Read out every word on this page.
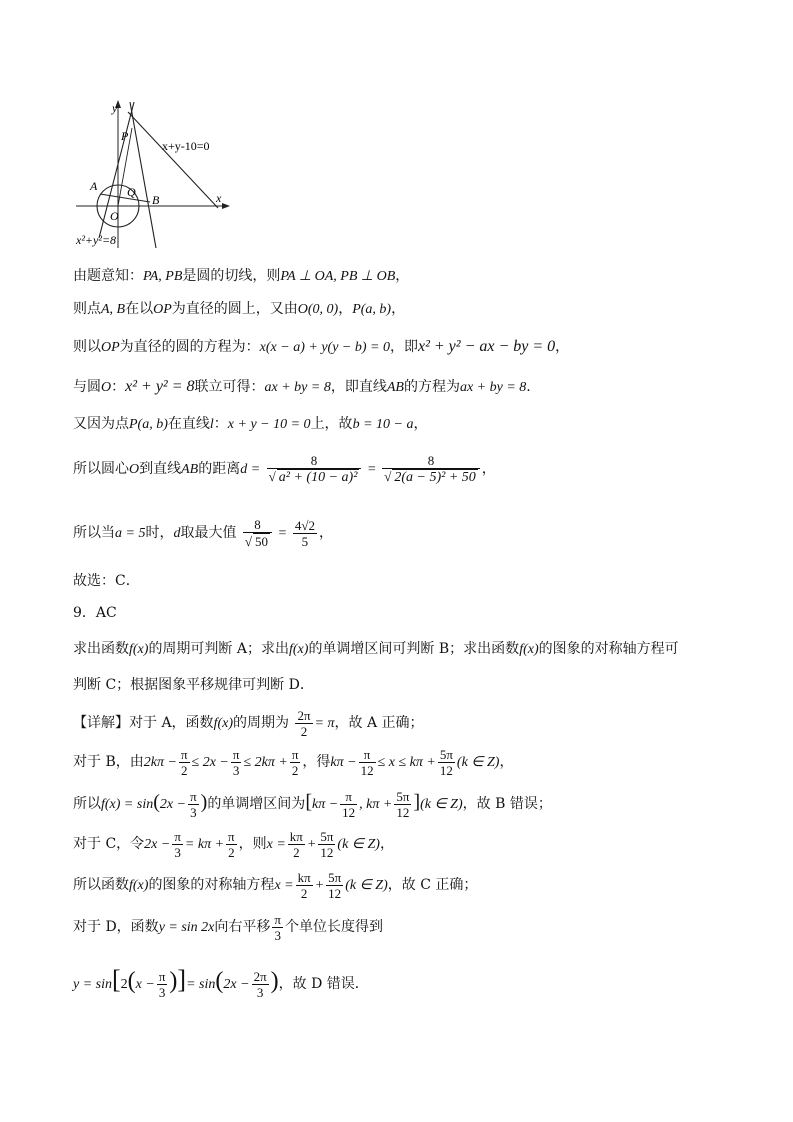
y
x
P
x+y-10=0
A Q
B
O
x²+y²=8
由题意知：PA, PB是圆的切线，则PA ⊥ OA, PB ⊥ OB，
则点A, B在以OP为直径的圆上，又由O(0, 0)，P(a, b)，
则以OP为直径的圆的方程为：x(x − a) + y(y − b) = 0，即x² + y² − ax − by = 0，
与圆O：x² + y² = 8联立可得：ax + by = 8，即直线AB的方程为ax + by = 8.
又因为点P(a, b)在直线l：x + y − 10 = 0上，故b = 10 − a，
所以圆心O到直线AB的距离$d = \frac{8}{\text{√ a² + (10 − a)²}} = \frac{8}{\text{√ 2(a − 5)² + 50}}$ ，
所以当a = 5时，d取最大值 $\frac{8}{√ 50} = \frac{4√2}{5}$ ，
故选：C．
9．AC
求出函数f(x)的周期可判断 A；求出f(x)的单调增区间可判断 B；求出函数f(x)的图象的对称轴方程可
判断 C；根据图象平移规律可判断 D．
【详解】对于 A，函数f(x)的周期为 $\frac{2\pi}{2} = \pi$，故 A 正确；
对于 B，由$2k\pi - \frac{\pi}{2} \le 2x - \frac{\pi}{3} \le 2k\pi + \frac{\pi}{2}$ ，得$k\pi - \frac{\pi}{12} \le x \le k\pi + \frac{5\pi}{12} (k$ ∈ Z)，
所以$f(x) = \sin(2x - \frac{\pi}{3}$ )的单调增区间为[$k\pi - \frac{\pi}{12}$ , $k\pi + \frac{5\pi}{12} ](k$ ∈ Z)，故 B 错误；
对于 C，令$2x - \frac{\pi}{3} = k\pi + \frac{\pi}{2}$ ，则$x = \frac{k\pi}{2} + \frac{5\pi}{12} (k$ ∈ Z)，
所以函数f(x)的图象的对称轴方程$x = \frac{k\pi}{2} + \frac{5\pi}{12} (k$ ∈ Z)，故 C 正确；
对于 D，函数y = sin 2x向右平移 $\frac{\pi}{3}$ 个单位长度得到
$y = \sin[2(x - \frac{\pi}{3}$ )]= $\sin(2x - \frac{2\pi}{3}$ )，故 D 错误．
